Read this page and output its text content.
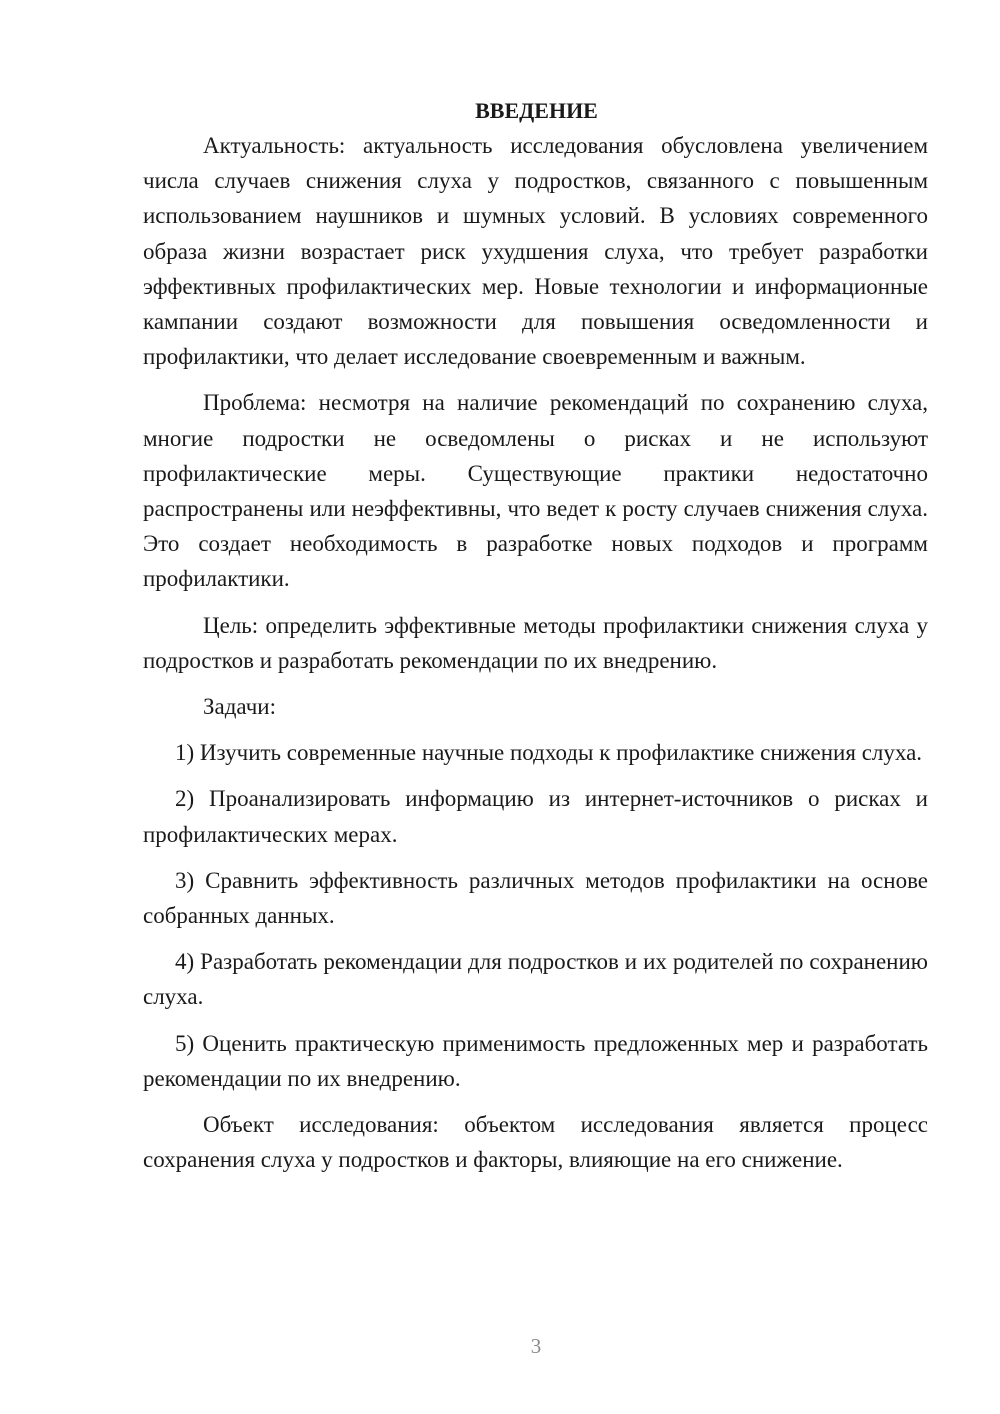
ВВЕДЕНИЕ

Актуальность: актуальность исследования обусловлена увеличением числа случаев снижения слуха у подростков, связанного с повышенным использованием наушников и шумных условий. В условиях современного образа жизни возрастает риск ухудшения слуха, что требует разработки эффективных профилактических мер. Новые технологии и информационные кампании создают возможности для повышения осведомленности и профилактики, что делает исследование своевременным и важным.

Проблема: несмотря на наличие рекомендаций по сохранению слуха, многие подростки не осведомлены о рисках и не используют профилактические меры. Существующие практики недостаточно распространены или неэффективны, что ведет к росту случаев снижения слуха. Это создает необходимость в разработке новых подходов и программ профилактики.

Цель: определить эффективные методы профилактики снижения слуха у подростков и разработать рекомендации по их внедрению.

Задачи:

1) Изучить современные научные подходы к профилактике снижения слуха.

2) Проанализировать информацию из интернет-источников о рисках и профилактических мерах.

3) Сравнить эффективность различных методов профилактики на основе собранных данных.

4) Разработать рекомендации для подростков и их родителей по сохранению слуха.

5) Оценить практическую применимость предложенных мер и разработать рекомендации по их внедрению.

Объект исследования: объектом исследования является процесс сохранения слуха у подростков и факторы, влияющие на его снижение.

3
